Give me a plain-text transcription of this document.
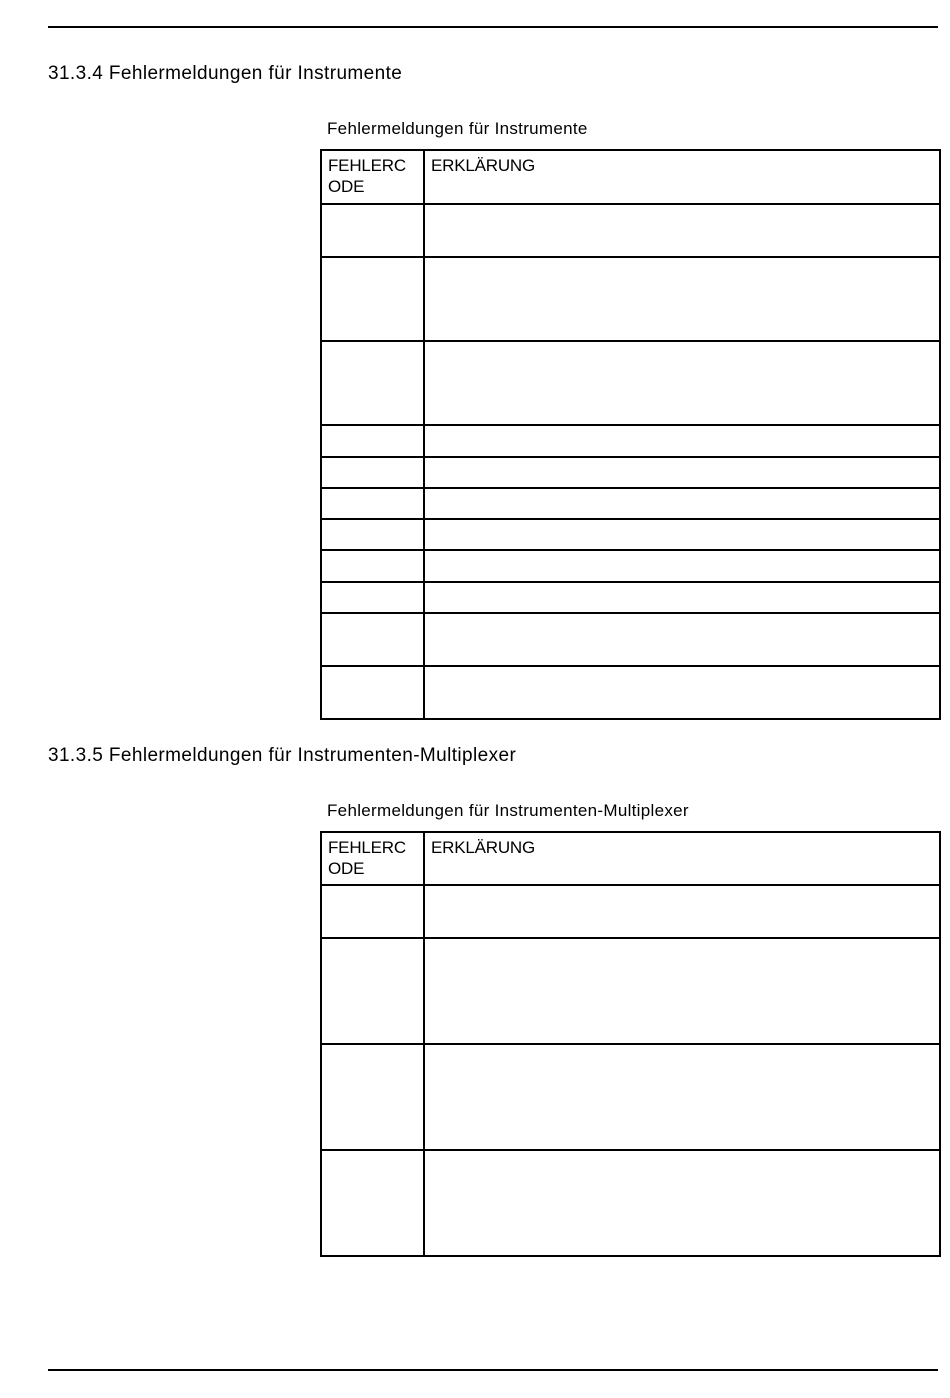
31.3.4 Fehlermeldungen für Instrumente

Fehlermeldungen für Instrumente

FEHLERC ODE	ERKLÄRUNG

31.3.5 Fehlermeldungen für Instrumenten-Multiplexer

Fehlermeldungen für Instrumenten-Multiplexer

FEHLERC ODE	ERKLÄRUNG
